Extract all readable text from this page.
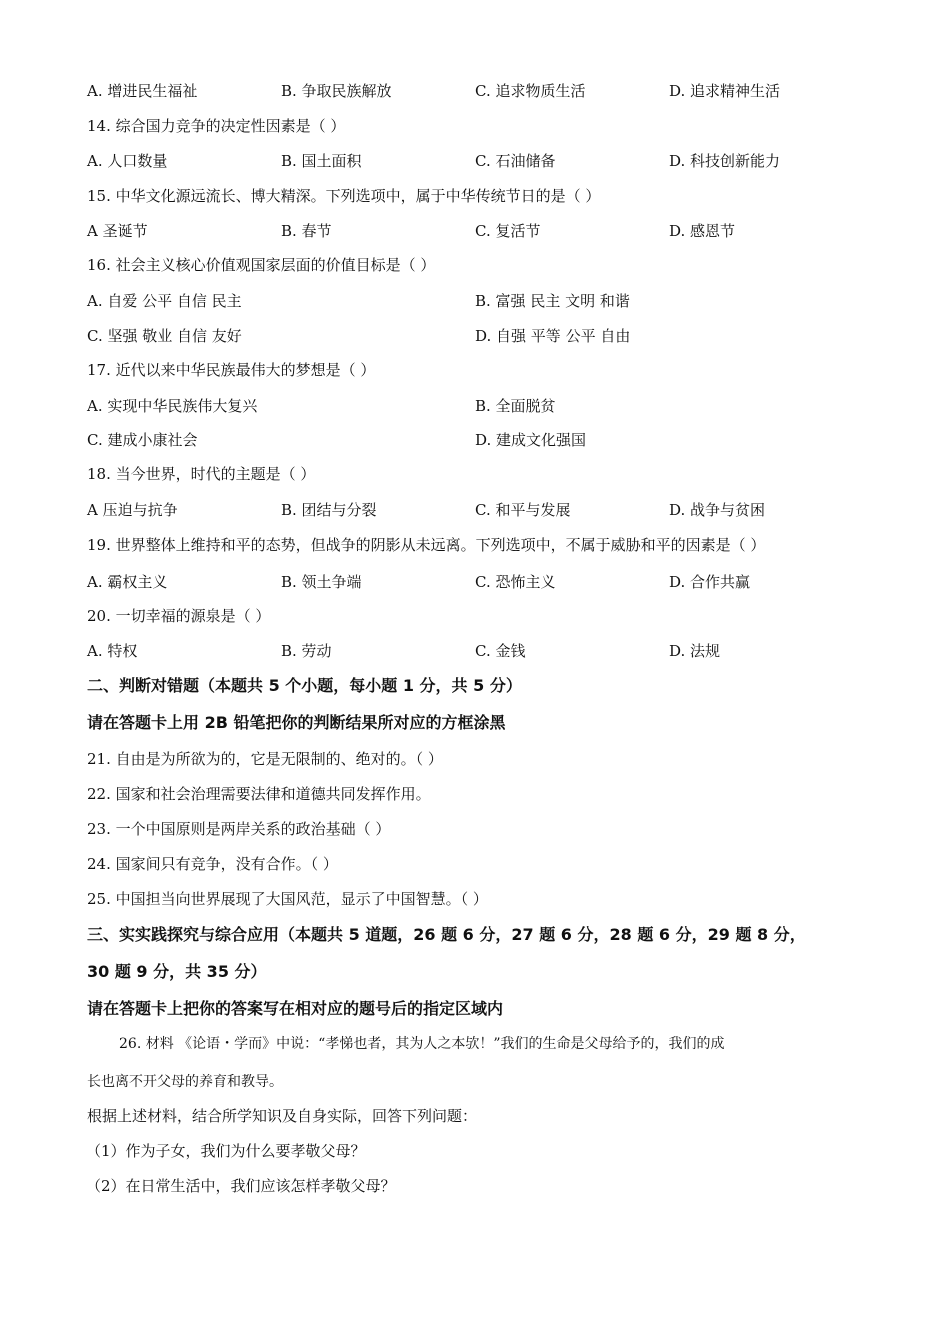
A. 增进民生福祉	B. 争取民族解放	C. 追求物质生活	D. 追求精神生活
14. 综合国力竞争的决定性因素是（ ）
A. 人口数量	B. 国土面积	C. 石油储备	D. 科技创新能力
15. 中华文化源远流长、博大精深。下列选项中，属于中华传统节日的是（ ）
A 圣诞节	B. 春节	C. 复活节	D. 感恩节
16. 社会主义核心价值观国家层面的价值目标是（ ）
A. 自爱 公平 自信 民主	B. 富强 民主 文明 和谐
C. 坚强 敬业 自信 友好	D. 自强 平等 公平 自由
17. 近代以来中华民族最伟大的梦想是（ ）
A. 实现中华民族伟大复兴	B. 全面脱贫
C. 建成小康社会	D. 建成文化强国
18. 当今世界，时代的主题是（ ）
A 压迫与抗争	B. 团结与分裂	C. 和平与发展	D. 战争与贫困
19. 世界整体上维持和平的态势，但战争的阴影从未远离。下列选项中，不属于威胁和平的因素是（ ）
A. 霸权主义	B. 领土争端	C. 恐怖主义	D. 合作共赢
20. 一切幸福的源泉是（ ）
A. 特权	B. 劳动	C. 金钱	D. 法规
二、判断对错题（本题共 5 个小题，每小题 1 分，共 5 分）
请在答题卡上用 2B 铅笔把你的判断结果所对应的方框涂黑
21. 自由是为所欲为的，它是无限制的、绝对的。（ ）
22. 国家和社会治理需要法律和道德共同发挥作用。
23. 一个中国原则是两岸关系的政治基础（ ）
24. 国家间只有竞争，没有合作。（ ）
25. 中国担当向世界展现了大国风范，显示了中国智慧。（ ）
三、实实践探究与综合应用（本题共 5 道题，26 题 6 分，27 题 6 分，28 题 6 分，29 题 8 分，
30 题 9 分，共 35 分）
请在答题卡上把你的答案写在相对应的题号后的指定区域内
26. 材料 《论语・学而》中说：“孝悌也者，其为人之本欤！”我们的生命是父母给予的，我们的成
长也离不开父母的养育和教导。
根据上述材料，结合所学知识及自身实际，回答下列问题：
（1）作为子女，我们为什么要孝敬父母？
（2）在日常生活中，我们应该怎样孝敬父母？
